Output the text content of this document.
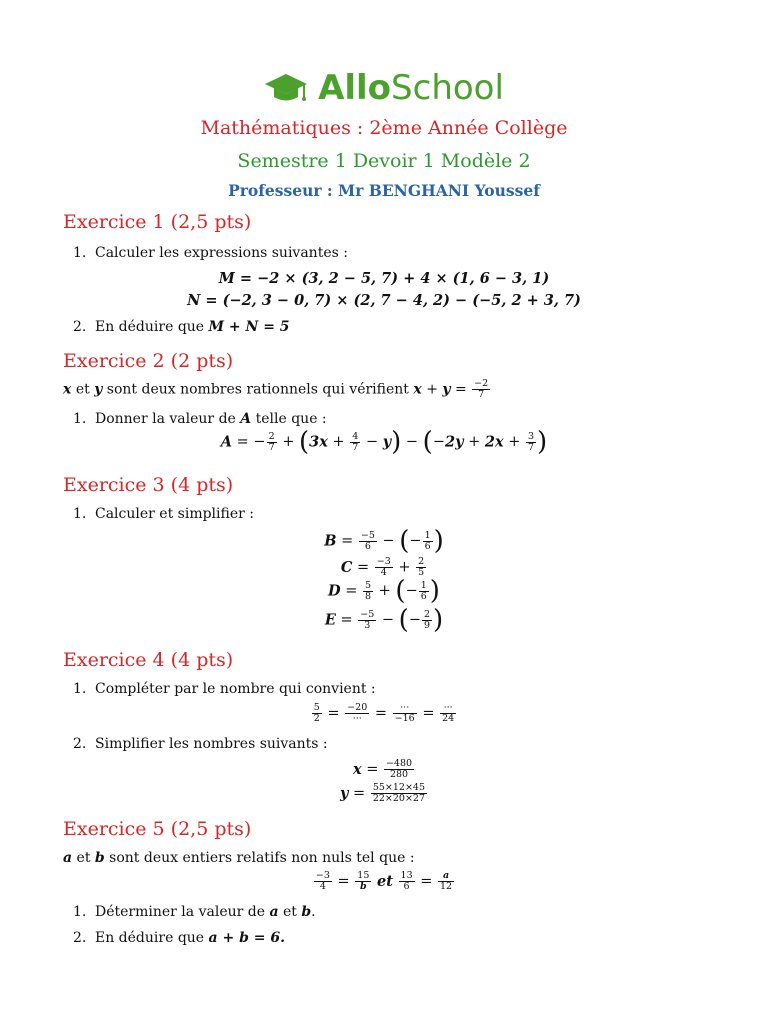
AlloSchool
Mathématiques : 2ème Année Collège
Semestre 1 Devoir 1 Modèle 2
Professeur : Mr BENGHANI Youssef
Exercice 1 (2,5 pts)
1. Calculer les expressions suivantes :
M = −2 × (3, 2 − 5, 7) + 4 × (1, 6 − 3, 1)
N = (−2, 3 − 0, 7) × (2, 7 − 4, 2) − (−5, 2 + 3, 7)
2. En déduire que M + N = 5
Exercice 2 (2 pts)
x et y sont deux nombres rationnels qui vérifient $x + y = \frac{-2}{7}$
1. Donner la valeur de A telle que :
A = − $\frac{2}{7} + (3x + \frac{4}{7} - y) - (-2y + 2x + \frac{3}{7}$ )
Exercice 3 (4 pts)
1. Calculer et simplifier :
$B = \frac{-5}{6}$ − (− $\frac{1}{6}$ )
$C = \frac{-3}{4} + \frac{2}{5}$
$D = \frac{5}{8}$ + (− $\frac{1}{6}$ )
$E = \frac{-5}{3}$ − (− $\frac{2}{9}$ )
Exercice 4 (4 pts)
1. Compléter par le nombre qui convient :
$\frac{5}{2} = \frac{-20}{\cdot\cdot\cdot} = \frac{\cdot\cdot\cdot}{-16} = \frac{\cdot\cdot\cdot}{24}$
2. Simplifier les nombres suivants :
$x = \frac{-480}{280}$
$y = \frac{55\times 12\times 45}{22\times 20\times 27}$
Exercice 5 (2,5 pts)
a et b sont deux entiers relatifs non nuls tel que :
$\frac{-3}{4} = \frac{15}{b}$ et $\frac{13}{6} = \frac{a}{12}$
1. Déterminer la valeur de a et b.
2. En déduire que a + b = 6.
